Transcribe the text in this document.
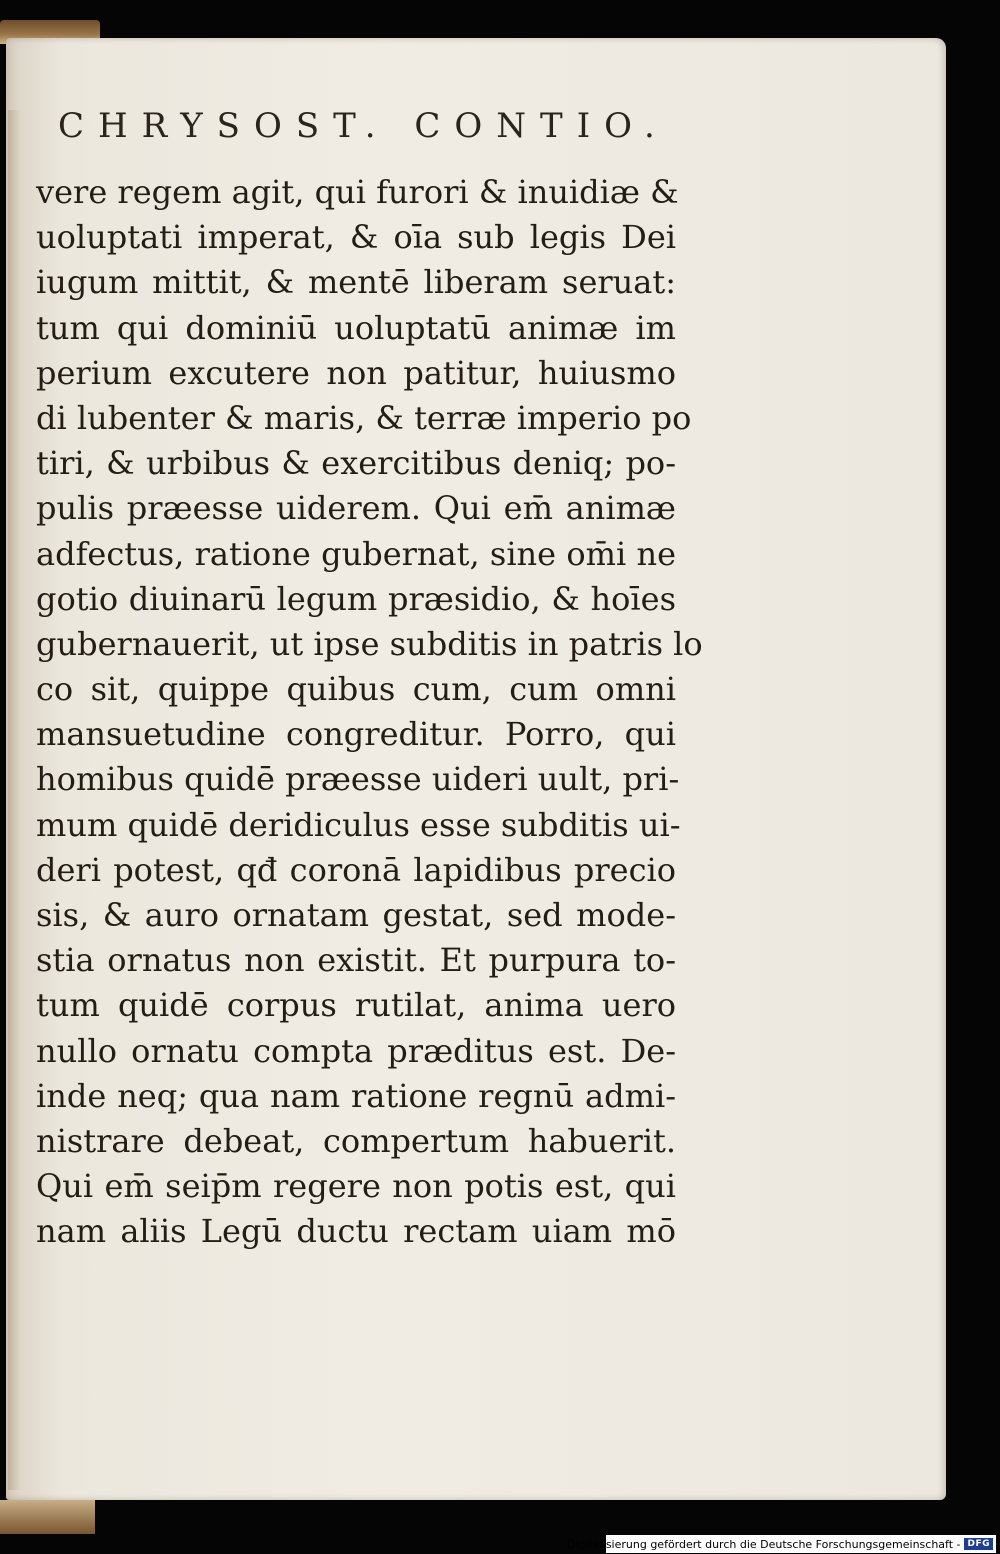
CHRYSOST. CONTIO.
vere regem agit, qui furori & inuidiæ &
uoluptati imperat, & oīa sub legis Dei
iugum mittit, & mentē liberam seruat:
tum qui dominiū uoluptatū animæ im
perium excutere non patitur, huiusmo
di lubenter & maris, & terræ imperio po
tiri, & urbibus & exercitibus deniq; po-
pulis præesse uiderem. Qui em̄ animæ
adfectus, ratione gubernat, sine om̄i ne
gotio diuinarū legum præsidio, & hoīes
gubernauerit, ut ipse subditis in patris lo
co sit, quippe quibus cum, cum omni
mansuetudine congreditur. Porro, qui
homibus quidē præesse uideri uult, pri-
mum quidē deridiculus esse subditis ui-
deri potest, qđ coronā lapidibus precio
sis, & auro ornatam gestat, sed mode-
stia ornatus non existit. Et purpura to-
tum quidē corpus rutilat, anima uero
nullo ornatu compta præditus est. De-
inde neq; qua nam ratione regnū admi-
nistrare debeat, compertum habuerit.
Qui em̄ seip̄m regere non potis est, qui
nam aliis Legū ductu rectam uiam mō
Digitalisierung gefördert durch die Deutsche Forschungsgemeinschaft - DFG
